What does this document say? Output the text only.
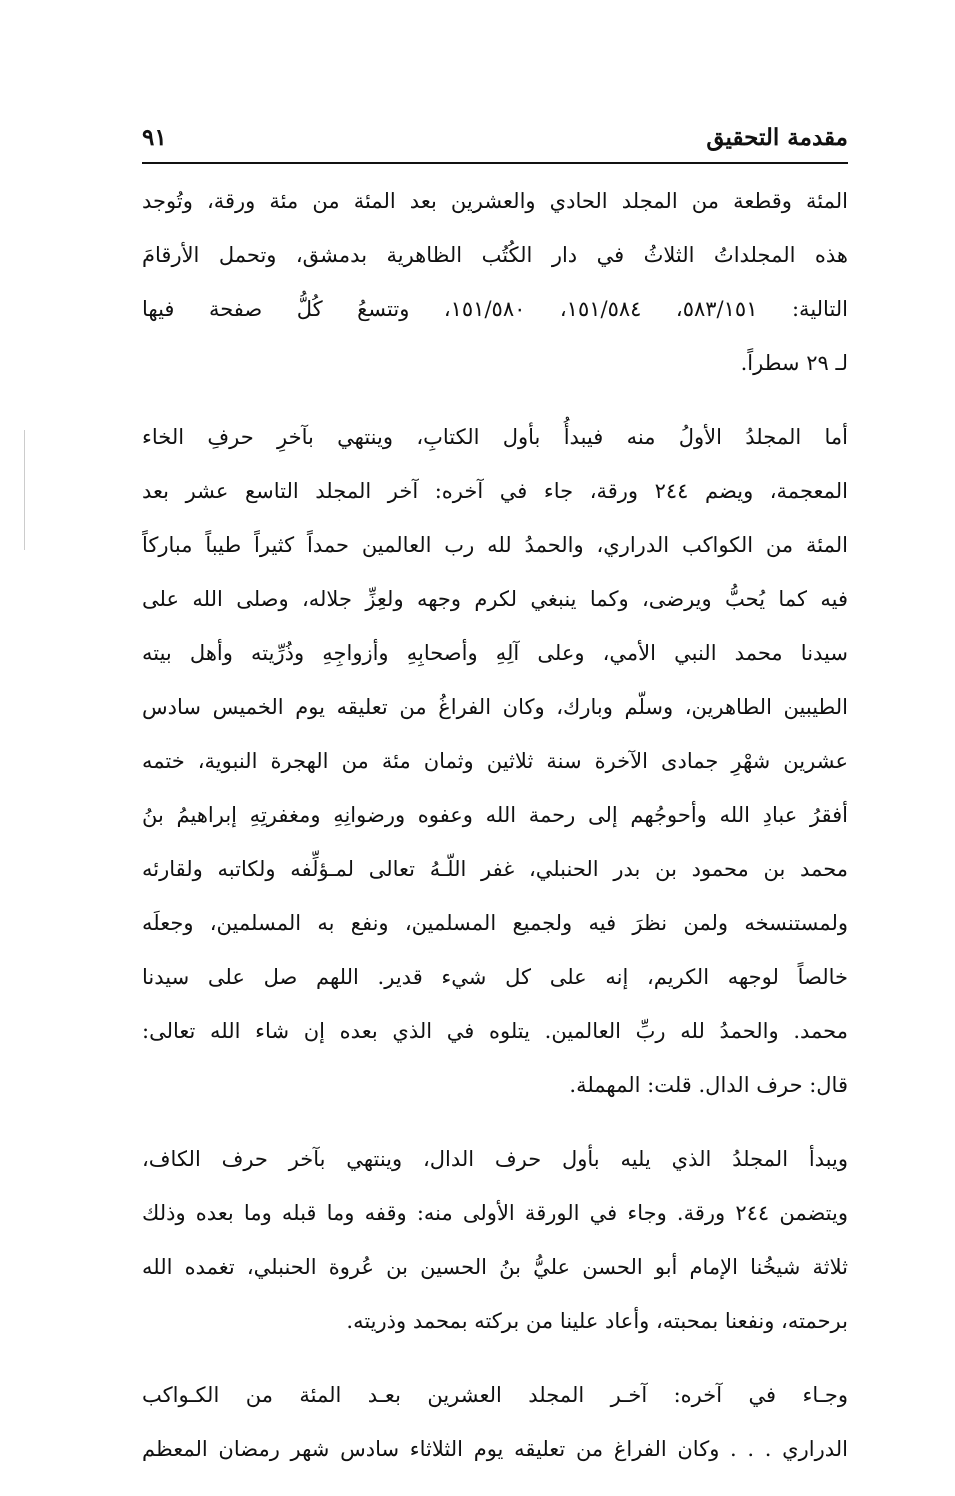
مقدمة التحقيق
٩١

المئة وقطعة من المجلد الحادي والعشرين بعد المئة من مئة ورقة، وتُوجد
هذه المجلداتُ الثلاثُ في دار الكُتُب الظاهرية بدمشق، وتحمل الأرقامَ
التالية: ٥٨٣/١٥١، ١٥١/٥٨٤، ١٥١/٥٨٠، وتتسعُ كُلُّ صفحة فيها
لـ ٢٩ سطراً.

أما المجلدُ الأولُ منه فيبدأُ بأول الكتابِ، وينتهي بآخرِ حرفِ الخاء
المعجمة، ويضم ٢٤٤ ورقة، جاء في آخره: آخر المجلد التاسع عشر بعد
المئة من الكواكب الدراري، والحمدُ لله رب العالمين حمداً كثيراً طيباً مباركاً
فيه كما يُحبُّ ويرضى، وكما ينبغي لكرم وجهه ولعِزِّ جلاله، وصلى الله على
سيدنا محمد النبي الأمي، وعلى آلِهِ وأصحابِهِ وأزواجِهِ وذُرِّيته وأهل بيته
الطيبين الطاهرين، وسلّم وبارك، وكان الفراغُ من تعليقه يوم الخميس سادس
عشرين شهْرِ جمادى الآخرة سنة ثلاثين وثمان مئة من الهجرة النبوية، ختمه
أفقرُ عبادِ الله وأحوجُهم إلى رحمة الله وعفوه ورضوانِهِ ومغفرتِهِ إبراهيمُ بنُ
محمد بن محمود بن بدر الحنبلي، غفر اللّـهُ تعالى لمـؤلِّفه ولكاتبه ولقارئه
ولمستنسخه ولمن نظرَ فيه ولجميع المسلمين، ونفع به المسلمين، وجعلَه
خالصاً لوجهه الكريم، إنه على كل شيء قدير. اللهم صل على سيدنا
محمد. والحمدُ لله ربِّ العالمين. يتلوه في الذي بعده إن شاء الله تعالى:
قال: حرف الدال. قلت: المهملة.

ويبدأ المجلدُ الذي يليه بأول حرف الدال، وينتهي بآخر حرف الكاف،
ويتضمن ٢٤٤ ورقة. وجاء في الورقة الأولى منه: وقفه وما قبله وما بعده وذلك
ثلاثة شيخُنا الإمام أبو الحسن عليُّ بنُ الحسين بن عُروة الحنبلي، تغمده الله
برحمته، ونفعنا بمحبته، وأعاد علينا من بركته بمحمد وذريته.

وجـاء في آخره: آخـر المجلد العشرين بعـد المئة من الكـواكب
الدراري . . . وكان الفراغ من تعليقه يوم الثلاثاء سادس شهر رمضان المعظم
